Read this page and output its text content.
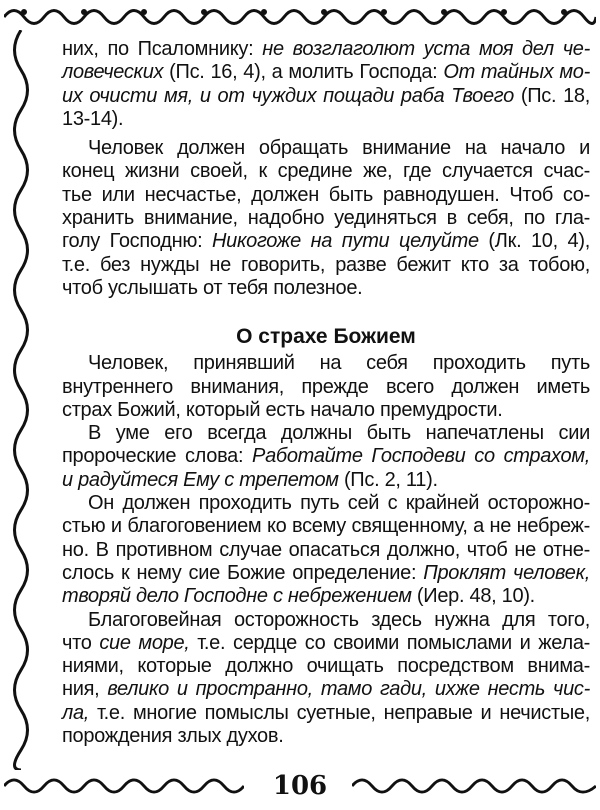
них, по Псаломнику: не возглаголют уста моя дел че-
ловеческих (Пс. 16, 4), а молить Господа: От тайных мо-
их очисти мя, и от чуждих пощади раба Твоего (Пс. 18,
13-14).
Человек должен обращать внимание на начало и
конец жизни своей, к средине же, где случается счас-
тье или несчастье, должен быть равнодушен. Чтоб со-
хранить внимание, надобно уединяться в себя, по гла-
голу Господню: Никогоже на пути целуйте (Лк. 10, 4),
т.е. без нужды не говорить, разве бежит кто за тобою,
чтоб услышать от тебя полезное.
О страхе Божием
Человек, принявший на себя проходить путь
внутреннего внимания, прежде всего должен иметь
страх Божий, который есть начало премудрости.
В уме его всегда должны быть напечатлены сии
пророческие слова: Работайте Господеви со страхом,
и радуйтеся Ему с трепетом (Пс. 2, 11).
Он должен проходить путь сей с крайней осторожно-
стью и благоговением ко всему священному, а не небреж-
но. В противном случае опасаться должно, чтоб не отне-
слось к нему сие Божие определение: Проклят человек,
творяй дело Господне с небрежением (Иер. 48, 10).
Благоговейная осторожность здесь нужна для того,
что сие море, т.е. сердце со своими помыслами и жела-
ниями, которые должно очищать посредством внима-
ния, велико и пространно, тамо гади, ихже несть чис-
ла, т.е. многие помыслы суетные, неправые и нечистые,
порождения злых духов.
106
